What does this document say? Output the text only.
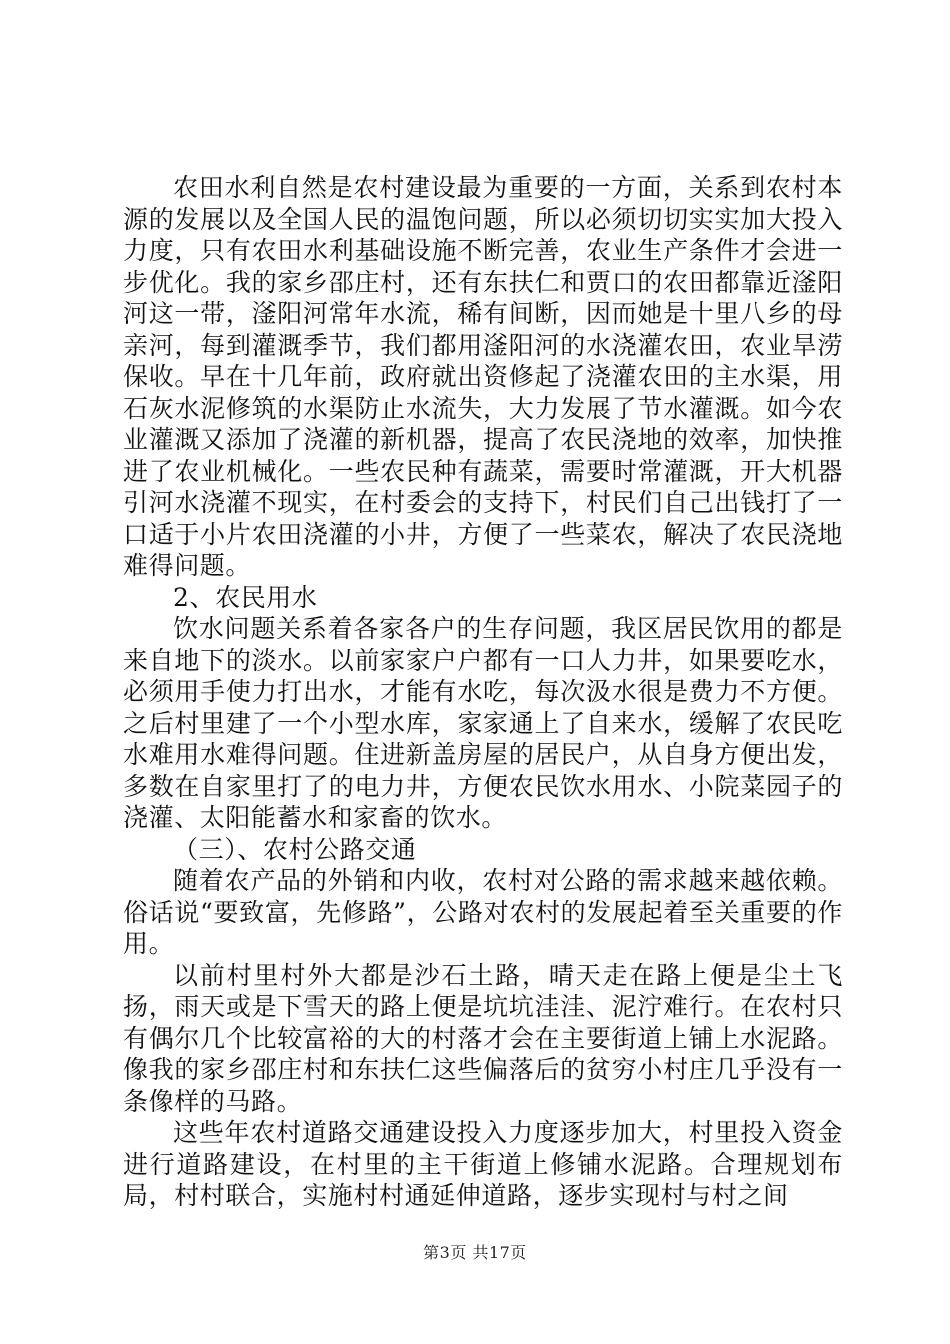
农田水利自然是农村建设最为重要的一方面，关系到农村本源的发展以及全国人民的温饱问题，所以必须切切实实加大投入力度，只有农田水利基础设施不断完善，农业生产条件才会进一步优化。我的家乡邵庄村，还有东扶仁和贾口的农田都靠近滏阳河这一带，滏阳河常年水流，稀有间断，因而她是十里八乡的母亲河，每到灌溉季节，我们都用滏阳河的水浇灌农田，农业旱涝保收。早在十几年前，政府就出资修起了浇灌农田的主水渠，用石灰水泥修筑的水渠防止水流失，大力发展了节水灌溉。如今农业灌溉又添加了浇灌的新机器，提高了农民浇地的效率，加快推进了农业机械化。一些农民种有蔬菜，需要时常灌溉，开大机器引河水浇灌不现实，在村委会的支持下，村民们自己出钱打了一口适于小片农田浇灌的小井，方便了一些菜农，解决了农民浇地难得问题。

2、农民用水

饮水问题关系着各家各户的生存问题，我区居民饮用的都是来自地下的淡水。以前家家户户都有一口人力井，如果要吃水，必须用手使力打出水，才能有水吃，每次汲水很是费力不方便。之后村里建了一个小型水库，家家通上了自来水，缓解了农民吃水难用水难得问题。住进新盖房屋的居民户，从自身方便出发，多数在自家里打了的电力井，方便农民饮水用水、小院菜园子的浇灌、太阳能蓄水和家畜的饮水。

（三）、农村公路交通

随着农产品的外销和内收，农村对公路的需求越来越依赖。俗话说“要致富，先修路”，公路对农村的发展起着至关重要的作用。

以前村里村外大都是沙石土路，晴天走在路上便是尘土飞扬，雨天或是下雪天的路上便是坑坑洼洼、泥泞难行。在农村只有偶尔几个比较富裕的大的村落才会在主要街道上铺上水泥路。像我的家乡邵庄村和东扶仁这些偏落后的贫穷小村庄几乎没有一条像样的马路。

这些年农村道路交通建设投入力度逐步加大，村里投入资金进行道路建设，在村里的主干街道上修铺水泥路。合理规划布局，村村联合，实施村村通延伸道路，逐步实现村与村之间

第3页 共17页
